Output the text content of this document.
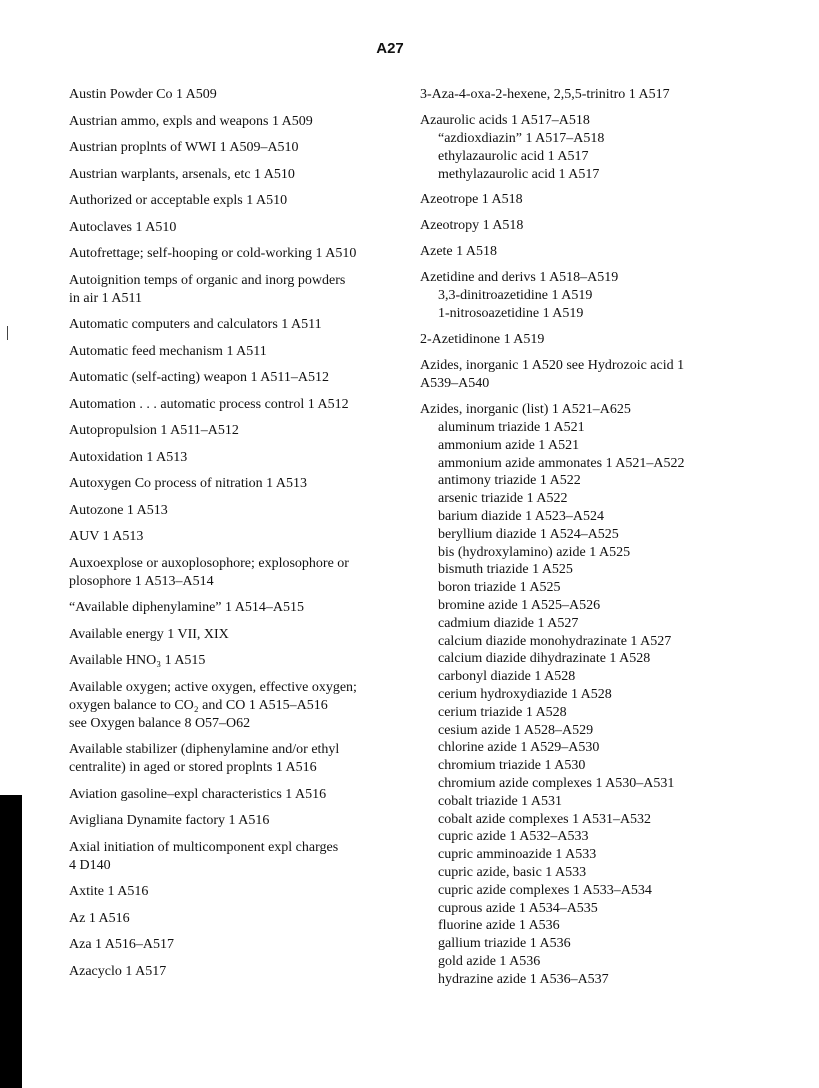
A27
Austin Powder Co 1 A509
Austrian ammo, expls and weapons 1 A509
Austrian proplnts of WWI 1 A509–A510
Austrian warplants, arsenals, etc 1 A510
Authorized or acceptable expls 1 A510
Autoclaves 1 A510
Autofrettage; self-hooping or cold-working 1 A510
Autoignition temps of organic and inorg powders
in air 1 A511
Automatic computers and calculators 1 A511
Automatic feed mechanism 1 A511
Automatic (self-acting) weapon 1 A511–A512
Automation . . . automatic process control 1 A512
Autopropulsion 1 A511–A512
Autoxidation 1 A513
Autoxygen Co process of nitration 1 A513
Autozone 1 A513
AUV 1 A513
Auxoexplose or auxoplosophore; explosophore or
plosophore 1 A513–A514
“Available diphenylamine” 1 A514–A515
Available energy 1 VII, XIX
Available HNO₃ 1 A515
Available oxygen; active oxygen, effective oxygen;
oxygen balance to CO₂ and CO 1 A515–A516
see Oxygen balance 8 O57–O62
Available stabilizer (diphenylamine and/or ethyl
centralite) in aged or stored proplnts 1 A516
Aviation gasoline–expl characteristics 1 A516
Avigliana Dynamite factory 1 A516
Axial initiation of multicomponent expl charges
4 D140
Axtite 1 A516
Az 1 A516
Aza 1 A516–A517
Azacyclo 1 A517
3-Aza-4-oxa-2-hexene, 2,5,5-trinitro 1 A517
Azaurolic acids 1 A517–A518
“azdioxdiazin” 1 A517–A518
ethylazaurolic acid 1 A517
methylazaurolic acid 1 A517
Azeotrope 1 A518
Azeotropy 1 A518
Azete 1 A518
Azetidine and derivs 1 A518–A519
3,3-dinitroazetidine 1 A519
1-nitrosoazetidine 1 A519
2-Azetidinone 1 A519
Azides, inorganic 1 A520 see Hydrozoic acid 1
A539–A540
Azides, inorganic (list) 1 A521–A625
aluminum triazide 1 A521
ammonium azide 1 A521
ammonium azide ammonates 1 A521–A522
antimony triazide 1 A522
arsenic triazide 1 A522
barium diazide 1 A523–A524
beryllium diazide 1 A524–A525
bis (hydroxylamino) azide 1 A525
bismuth triazide 1 A525
boron triazide 1 A525
bromine azide 1 A525–A526
cadmium diazide 1 A527
calcium diazide monohydrazinate 1 A527
calcium diazide dihydrazinate 1 A528
carbonyl diazide 1 A528
cerium hydroxydiazide 1 A528
cerium triazide 1 A528
cesium azide 1 A528–A529
chlorine azide 1 A529–A530
chromium triazide 1 A530
chromium azide complexes 1 A530–A531
cobalt triazide 1 A531
cobalt azide complexes 1 A531–A532
cupric azide 1 A532–A533
cupric amminoazide 1 A533
cupric azide, basic 1 A533
cupric azide complexes 1 A533–A534
cuprous azide 1 A534–A535
fluorine azide 1 A536
gallium triazide 1 A536
gold azide 1 A536
hydrazine azide 1 A536–A537
